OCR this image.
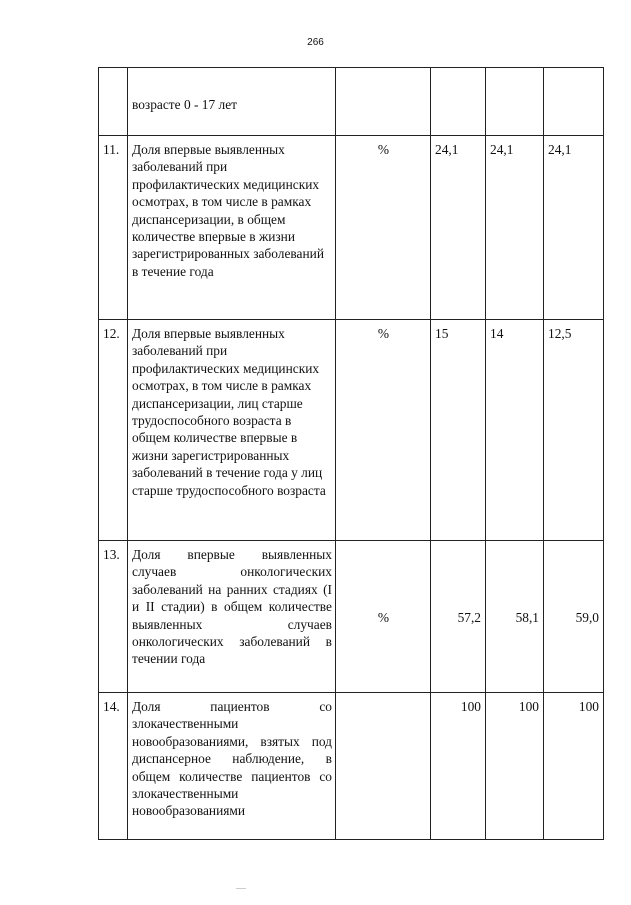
266
	возрасте 0 - 17 лет				
11.	Доля впервые выявленных заболеваний при профилактических медицинских осмотрах, в том числе в рамках диспансеризации, в общем количестве впервые в жизни зарегистрированных заболеваний в течение года	%	24,1	24,1	24,1
12.	Доля впервые выявленных заболеваний при профилактических медицинских осмотрах, в том числе в рамках диспансеризации, лиц старше трудоспособного возраста в общем количестве впервые в жизни зарегистрированных заболеваний в течение года у лиц старше трудоспособного возраста	%	15	14	12,5
13.	Доля впервые выявленных случаев онкологических заболеваний на ранних стадиях (I и II стадии) в общем количестве выявленных случаев онкологических заболеваний в течении года	%	57,2	58,1	59,0
14.	Доля пациентов со злокачественными новообразованиями, взятых под диспансерное наблюдение, в общем количестве пациентов со злокачественными новообразованиями		100	100	100
